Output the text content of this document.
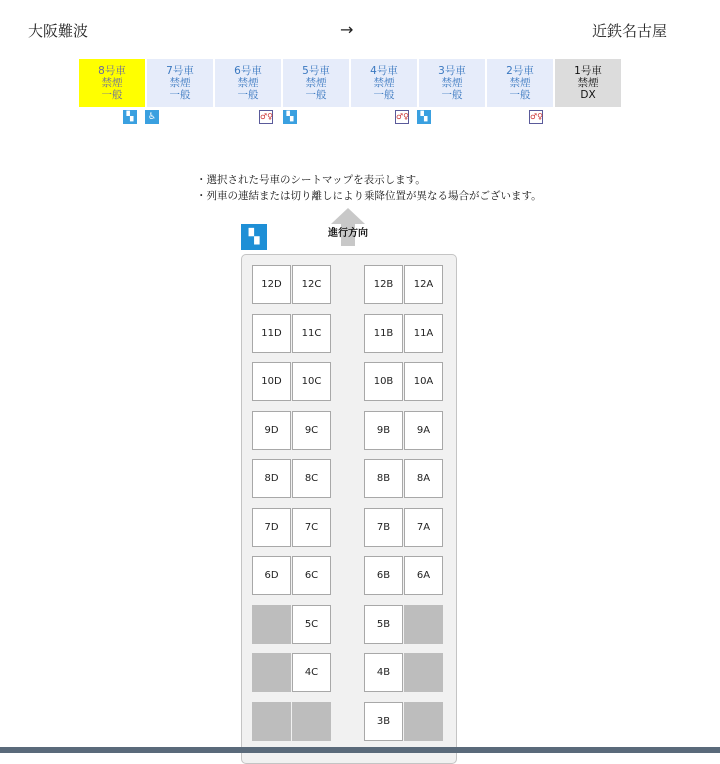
大阪難波	→	近鉄名古屋
8号車
禁煙
一般
7号車
禁煙
一般
6号車
禁煙
一般
5号車
禁煙
一般
4号車
禁煙
一般
3号車
禁煙
一般
2号車
禁煙
一般
1号車
禁煙
DX
▚	♿	♂♀	▚	♂♀	▚	♂♀
・選択された号車のシートマップを表示します。
・列車の連結または切り離しにより乗降位置が異なる場合がございます。
▚	進行方向
12D	12C	12B	12A
11D	11C	11B	11A
10D	10C	10B	10A
9D	9C	9B	9A
8D	8C	8B	8A
7D	7C	7B	7A
6D	6C	6B	6A
5C	5B
4C	4B
3B
